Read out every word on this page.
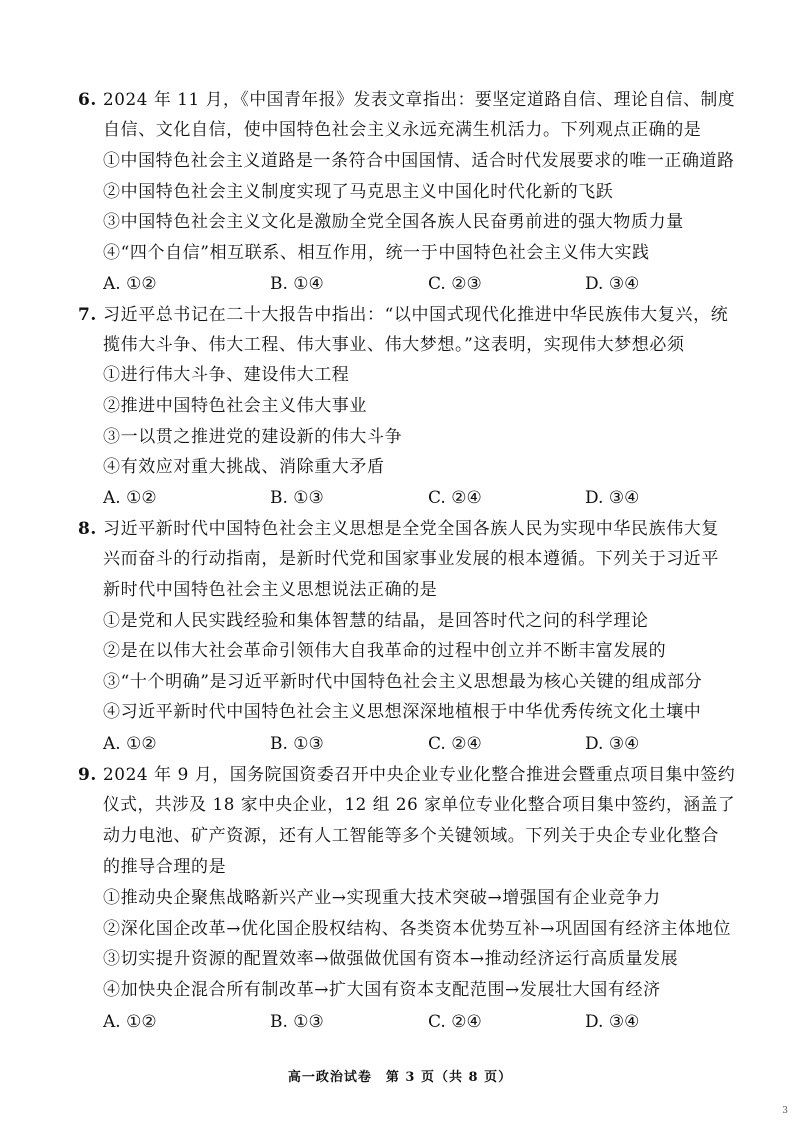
6. 2024 年 11 月，《中国青年报》发表文章指出：要坚定道路自信、理论自信、制度
自信、文化自信，使中国特色社会主义永远充满生机活力。下列观点正确的是
①中国特色社会主义道路是一条符合中国国情、适合时代发展要求的唯一正确道路
②中国特色社会主义制度实现了马克思主义中国化时代化新的飞跃
③中国特色社会主义文化是激励全党全国各族人民奋勇前进的强大物质力量
④“四个自信”相互联系、相互作用，统一于中国特色社会主义伟大实践
A. ①②	B. ①④	C. ②③	D. ③④
7. 习近平总书记在二十大报告中指出：“以中国式现代化推进中华民族伟大复兴，统
揽伟大斗争、伟大工程、伟大事业、伟大梦想。”这表明，实现伟大梦想必须
①进行伟大斗争、建设伟大工程
②推进中国特色社会主义伟大事业
③一以贯之推进党的建设新的伟大斗争
④有效应对重大挑战、消除重大矛盾
A. ①②	B. ①③	C. ②④	D. ③④
8. 习近平新时代中国特色社会主义思想是全党全国各族人民为实现中华民族伟大复
兴而奋斗的行动指南，是新时代党和国家事业发展的根本遵循。下列关于习近平
新时代中国特色社会主义思想说法正确的是
①是党和人民实践经验和集体智慧的结晶，是回答时代之问的科学理论
②是在以伟大社会革命引领伟大自我革命的过程中创立并不断丰富发展的
③“十个明确”是习近平新时代中国特色社会主义思想最为核心关键的组成部分
④习近平新时代中国特色社会主义思想深深地植根于中华优秀传统文化土壤中
A. ①②	B. ①③	C. ②④	D. ③④
9. 2024 年 9 月，国务院国资委召开中央企业专业化整合推进会暨重点项目集中签约
仪式，共涉及 18 家中央企业，12 组 26 家单位专业化整合项目集中签约，涵盖了
动力电池、矿产资源，还有人工智能等多个关键领域。下列关于央企专业化整合
的推导合理的是
①推动央企聚焦战略新兴产业→实现重大技术突破→增强国有企业竞争力
②深化国企改革→优化国企股权结构、各类资本优势互补→巩固国有经济主体地位
③切实提升资源的配置效率→做强做优国有资本→推动经济运行高质量发展
④加快央企混合所有制改革→扩大国有资本支配范围→发展壮大国有经济
A. ①②	B. ①③	C. ②④	D. ③④
高一政治试卷　第 3 页（共 8 页）
3
